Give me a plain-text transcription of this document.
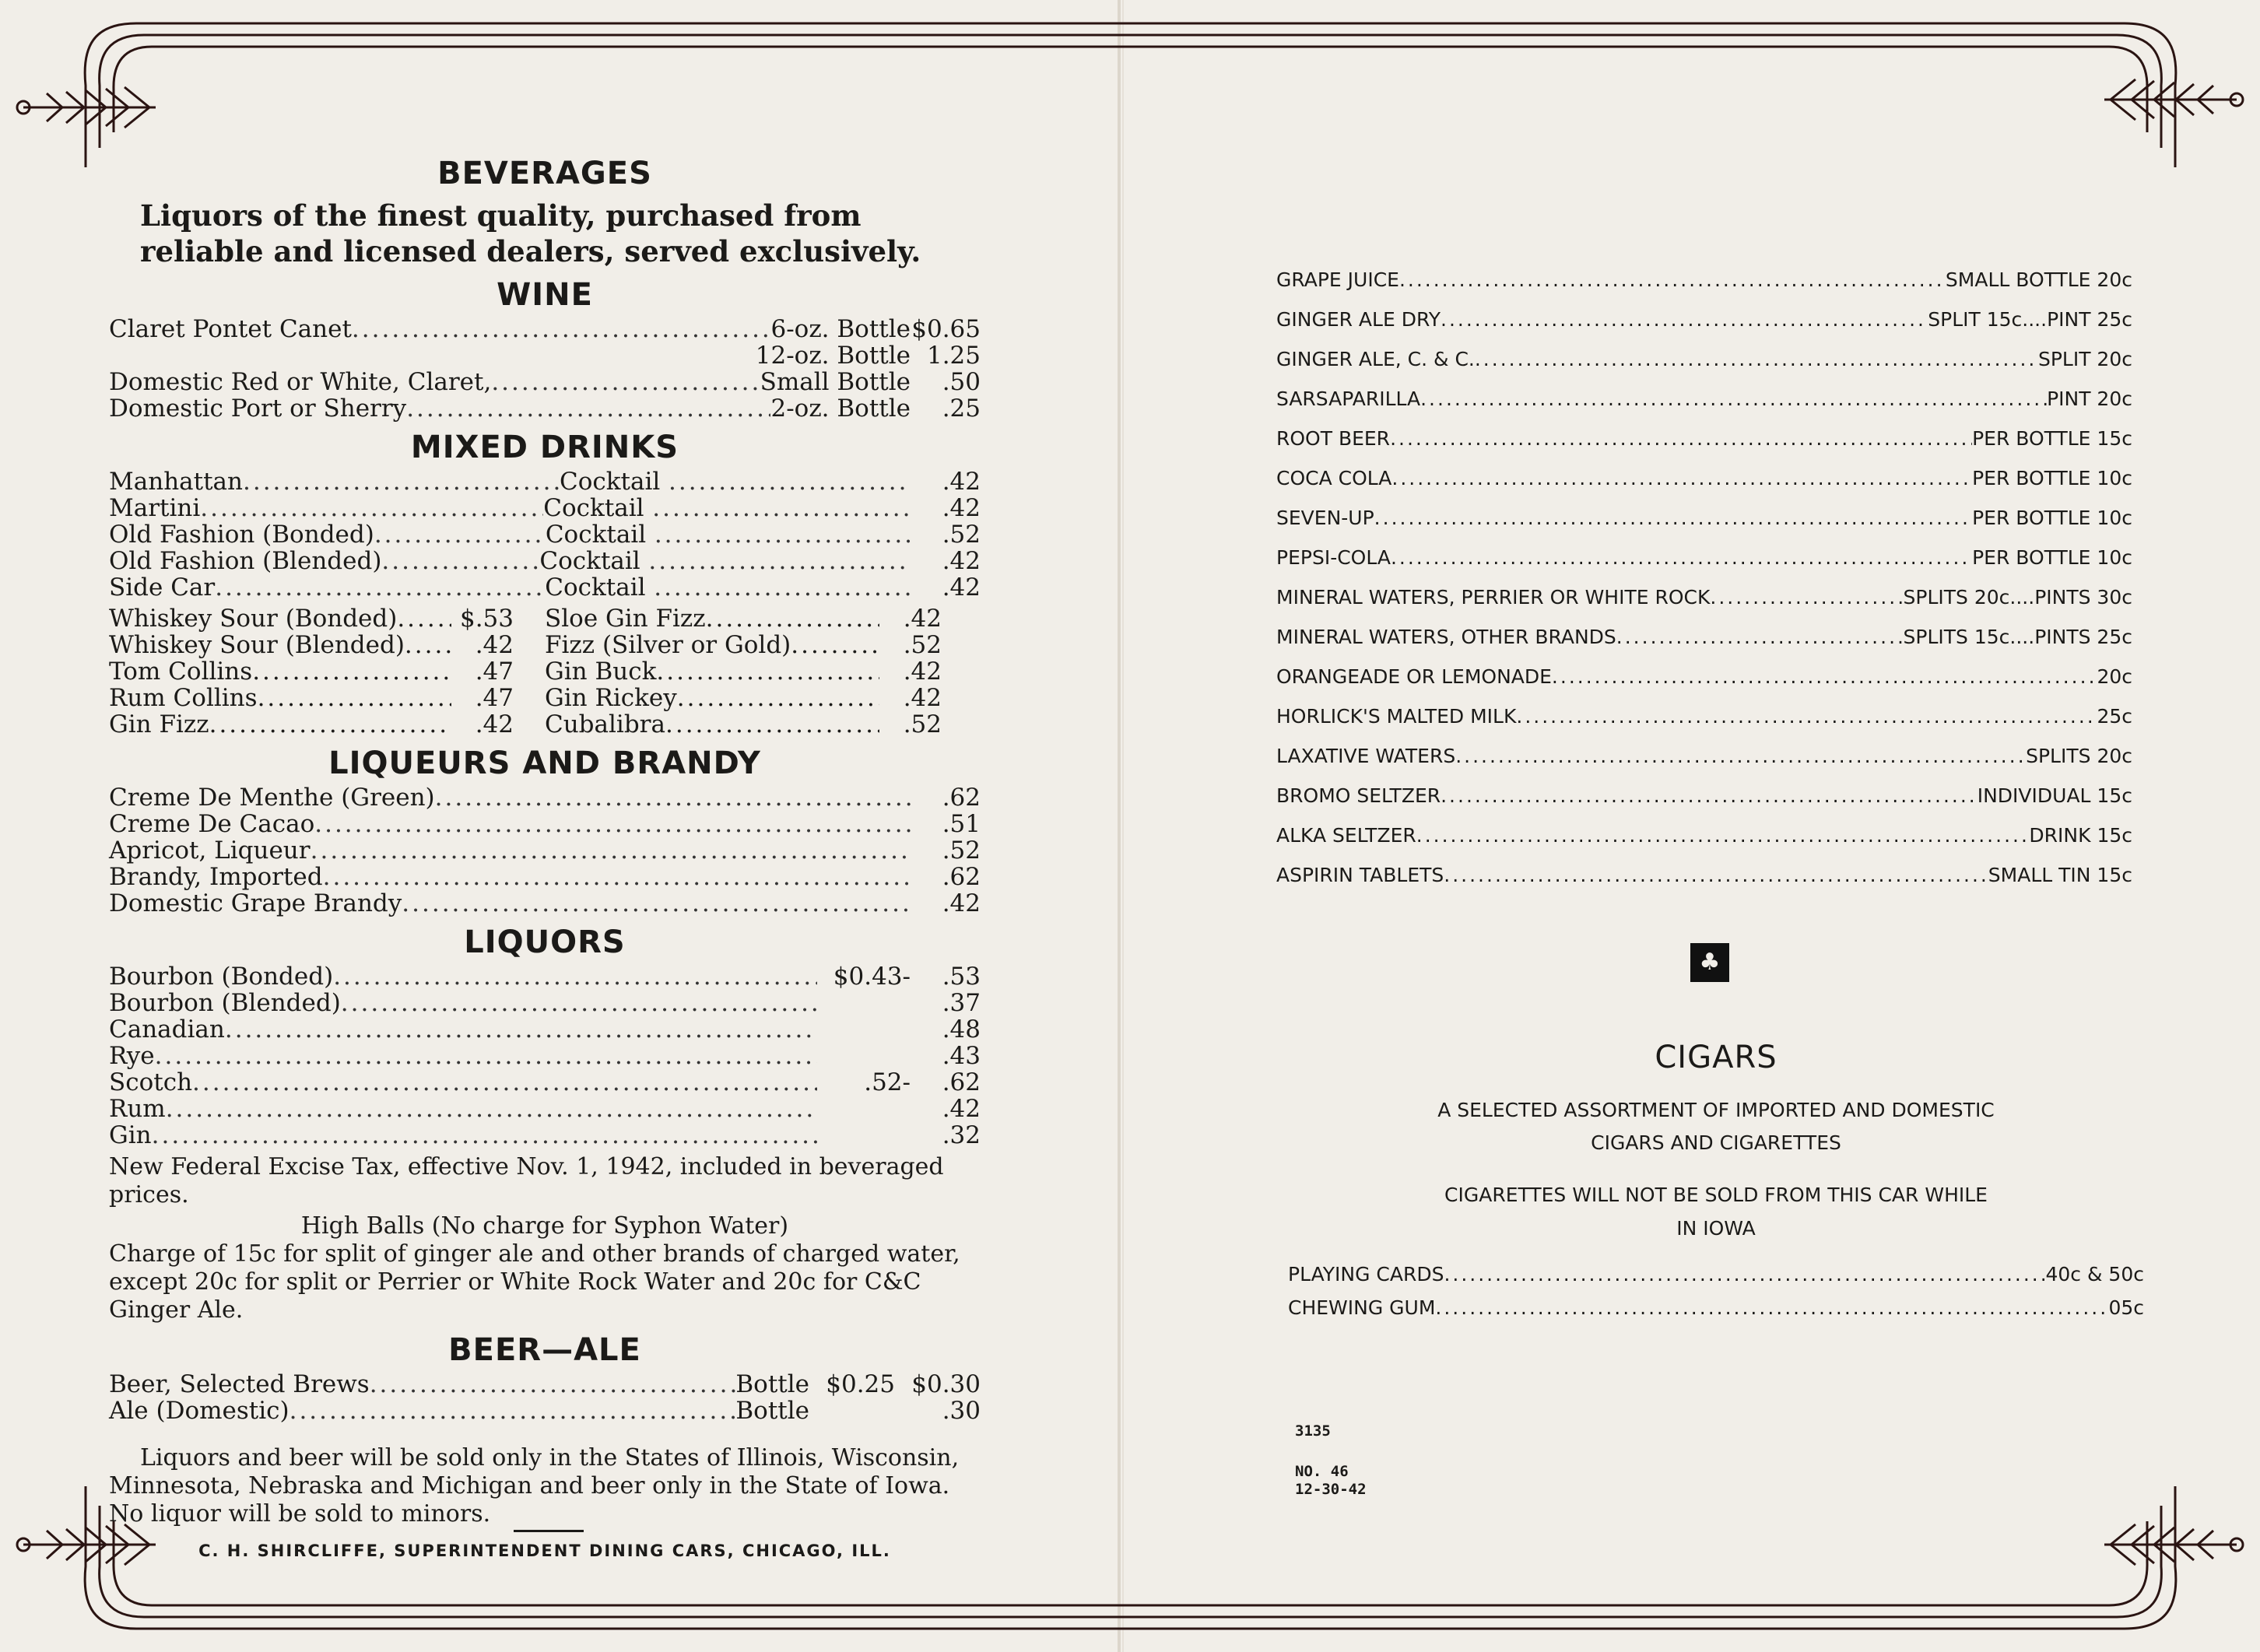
BEVERAGES
Liquors of the finest quality, purchased from reliable and licensed dealers, served exclusively.
WINE
Claret Pontet Canet .....	6-oz. Bottle $0.65
12-oz. Bottle 1.25
Domestic Red or White, Claret, .....	Small Bottle	.50
Domestic Port or Sherry .....	2-oz. Bottle	.25
MIXED DRINKS
Manhattan .....	Cocktail .....	.42
Martini .....	Cocktail .....	.42
Old Fashion (Bonded) .....	Cocktail .....	.52
Old Fashion (Blended) .....	Cocktail .....	.42
Side Car .....	Cocktail .....	.42
Whiskey Sour (Bonded) .....	$.53 Sloe Gin Fizz .....	.42
Whiskey Sour (Blended) .....	.42 Fizz (Silver or Gold) .....	.52
Tom Collins .....	.47 Gin Buck .....	.42
Rum Collins .....	.47 Gin Rickey .....	.42
Gin Fizz .....	.42 Cubalibra .....	.52
LIQUEURS AND BRANDY
Creme De Menthe (Green) .....	.62
Creme De Cacao .....	.51
Apricot, Liqueur .....	.52
Brandy, Imported .....	.62
Domestic Grape Brandy .....	.42
LIQUORS
Bourbon (Bonded) .....	$0.43-	.53
Bourbon (Blended) .....	.37
Canadian .....	.48
Rye .....	.43
Scotch .....	.52-	.62
Rum .....	.42
Gin .....	.32
New Federal Excise Tax, effective Nov. 1, 1942, included in beveraged prices.
High Balls (No charge for Syphon Water)
Charge of 15c for split of ginger ale and other brands of charged water, except 20c for split or Perrier or White Rock Water and 20c for C&C Ginger Ale.
BEER—ALE
Beer, Selected Brews .....	Bottle $0.25 $0.30
Ale (Domestic) .....	Bottle	.30
Liquors and beer will be sold only in the States of Illinois, Wisconsin, Minnesota, Nebraska and Michigan and beer only in the State of Iowa. No liquor will be sold to minors.
C. H. SHIRCLIFFE, SUPERINTENDENT DINING CARS, CHICAGO, ILL.
GRAPE JUICE .....	SMALL BOTTLE 20c
GINGER ALE DRY .....	SPLIT 15c....PINT 25c
GINGER ALE, C. & C. .....	SPLIT 20c
SARSAPARILLA .....	PINT 20c
ROOT BEER .....	PER BOTTLE 15c
COCA COLA .....	PER BOTTLE 10c
SEVEN-UP .....	PER BOTTLE 10c
PEPSI-COLA .....	PER BOTTLE 10c
MINERAL WATERS, PERRIER OR WHITE ROCK .....	SPLITS 20c....PINTS 30c
MINERAL WATERS, OTHER BRANDS .....	SPLITS 15c....PINTS 25c
ORANGEADE OR LEMONADE .....	20c
HORLICK'S MALTED MILK .....	25c
LAXATIVE WATERS .....	SPLITS 20c
BROMO SELTZER .....	INDIVIDUAL 15c
ALKA SELTZER .....	DRINK 15c
ASPIRIN TABLETS .....	SMALL TIN 15c
♣
CIGARS
A SELECTED ASSORTMENT OF IMPORTED AND DOMESTIC
CIGARS AND CIGARETTES
CIGARETTES WILL NOT BE SOLD FROM THIS CAR WHILE
IN IOWA
PLAYING CARDS .....	40c & 50c
CHEWING GUM .....	05c
3135
NO. 46
12-30-42
